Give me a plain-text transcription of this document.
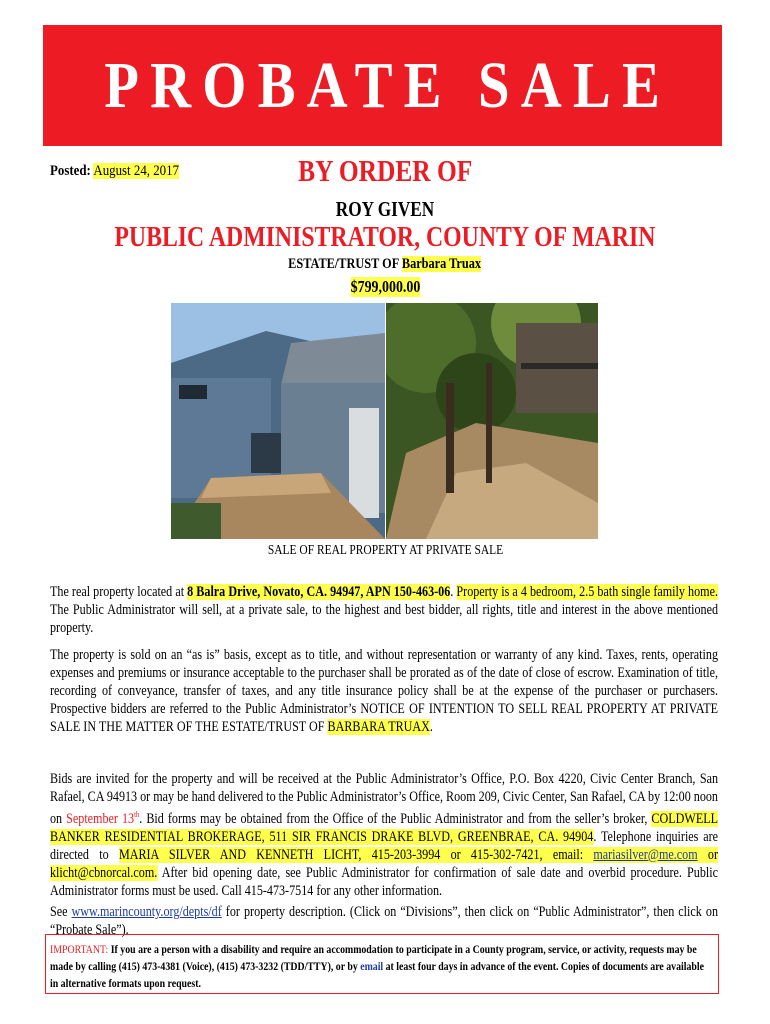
PROBATE SALE
Posted: August 24, 2017	BY ORDER OF
ROY GIVEN
PUBLIC ADMINISTRATOR, COUNTY OF MARIN
ESTATE/TRUST OF Barbara Truax
$799,000.00
SALE OF REAL PROPERTY AT PRIVATE SALE
The real property located at 8 Balra Drive, Novato, CA. 94947, APN 150-463-06. Property is a 4 bedroom, 2.5 bath single family home. The Public Administrator will sell, at a private sale, to the highest and best bidder, all rights, title and interest in the above mentioned property.
The property is sold on an “as is” basis, except as to title, and without representation or warranty of any kind. Taxes, rents, operating expenses and premiums or insurance acceptable to the purchaser shall be prorated as of the date of close of escrow. Examination of title, recording of conveyance, transfer of taxes, and any title insurance policy shall be at the expense of the purchaser or purchasers. Prospective bidders are referred to the Public Administrator’s NOTICE OF INTENTION TO SELL REAL PROPERTY AT PRIVATE SALE IN THE MATTER OF THE ESTATE/TRUST OF BARBARA TRUAX.
Bids are invited for the property and will be received at the Public Administrator’s Office, P.O. Box 4220, Civic Center Branch, San Rafael, CA 94913 or may be hand delivered to the Public Administrator’s Office, Room 209, Civic Center, San Rafael, CA by 12:00 noon on September 13th. Bid forms may be obtained from the Office of the Public Administrator and from the seller’s broker, COLDWELL BANKER RESIDENTIAL BROKERAGE, 511 SIR FRANCIS DRAKE BLVD, GREENBRAE, CA. 94904. Telephone inquiries are directed to MARIA SILVER AND KENNETH LICHT, 415-203-3994 or 415-302-7421, email: mariasilver@me.com or klicht@cbnorcal.com. After bid opening date, see Public Administrator for confirmation of sale date and overbid procedure. Public Administrator forms must be used. Call 415-473-7514 for any other information.
See www.marincounty.org/depts/df for property description. (Click on “Divisions”, then click on “Public Administrator”, then click on “Probate Sale”).
IMPORTANT: If you are a person with a disability and require an accommodation to participate in a County program, service, or activity, requests may be made by calling (415) 473-4381 (Voice), (415) 473-3232 (TDD/TTY), or by email at least four days in advance of the event. Copies of documents are available in alternative formats upon request.
